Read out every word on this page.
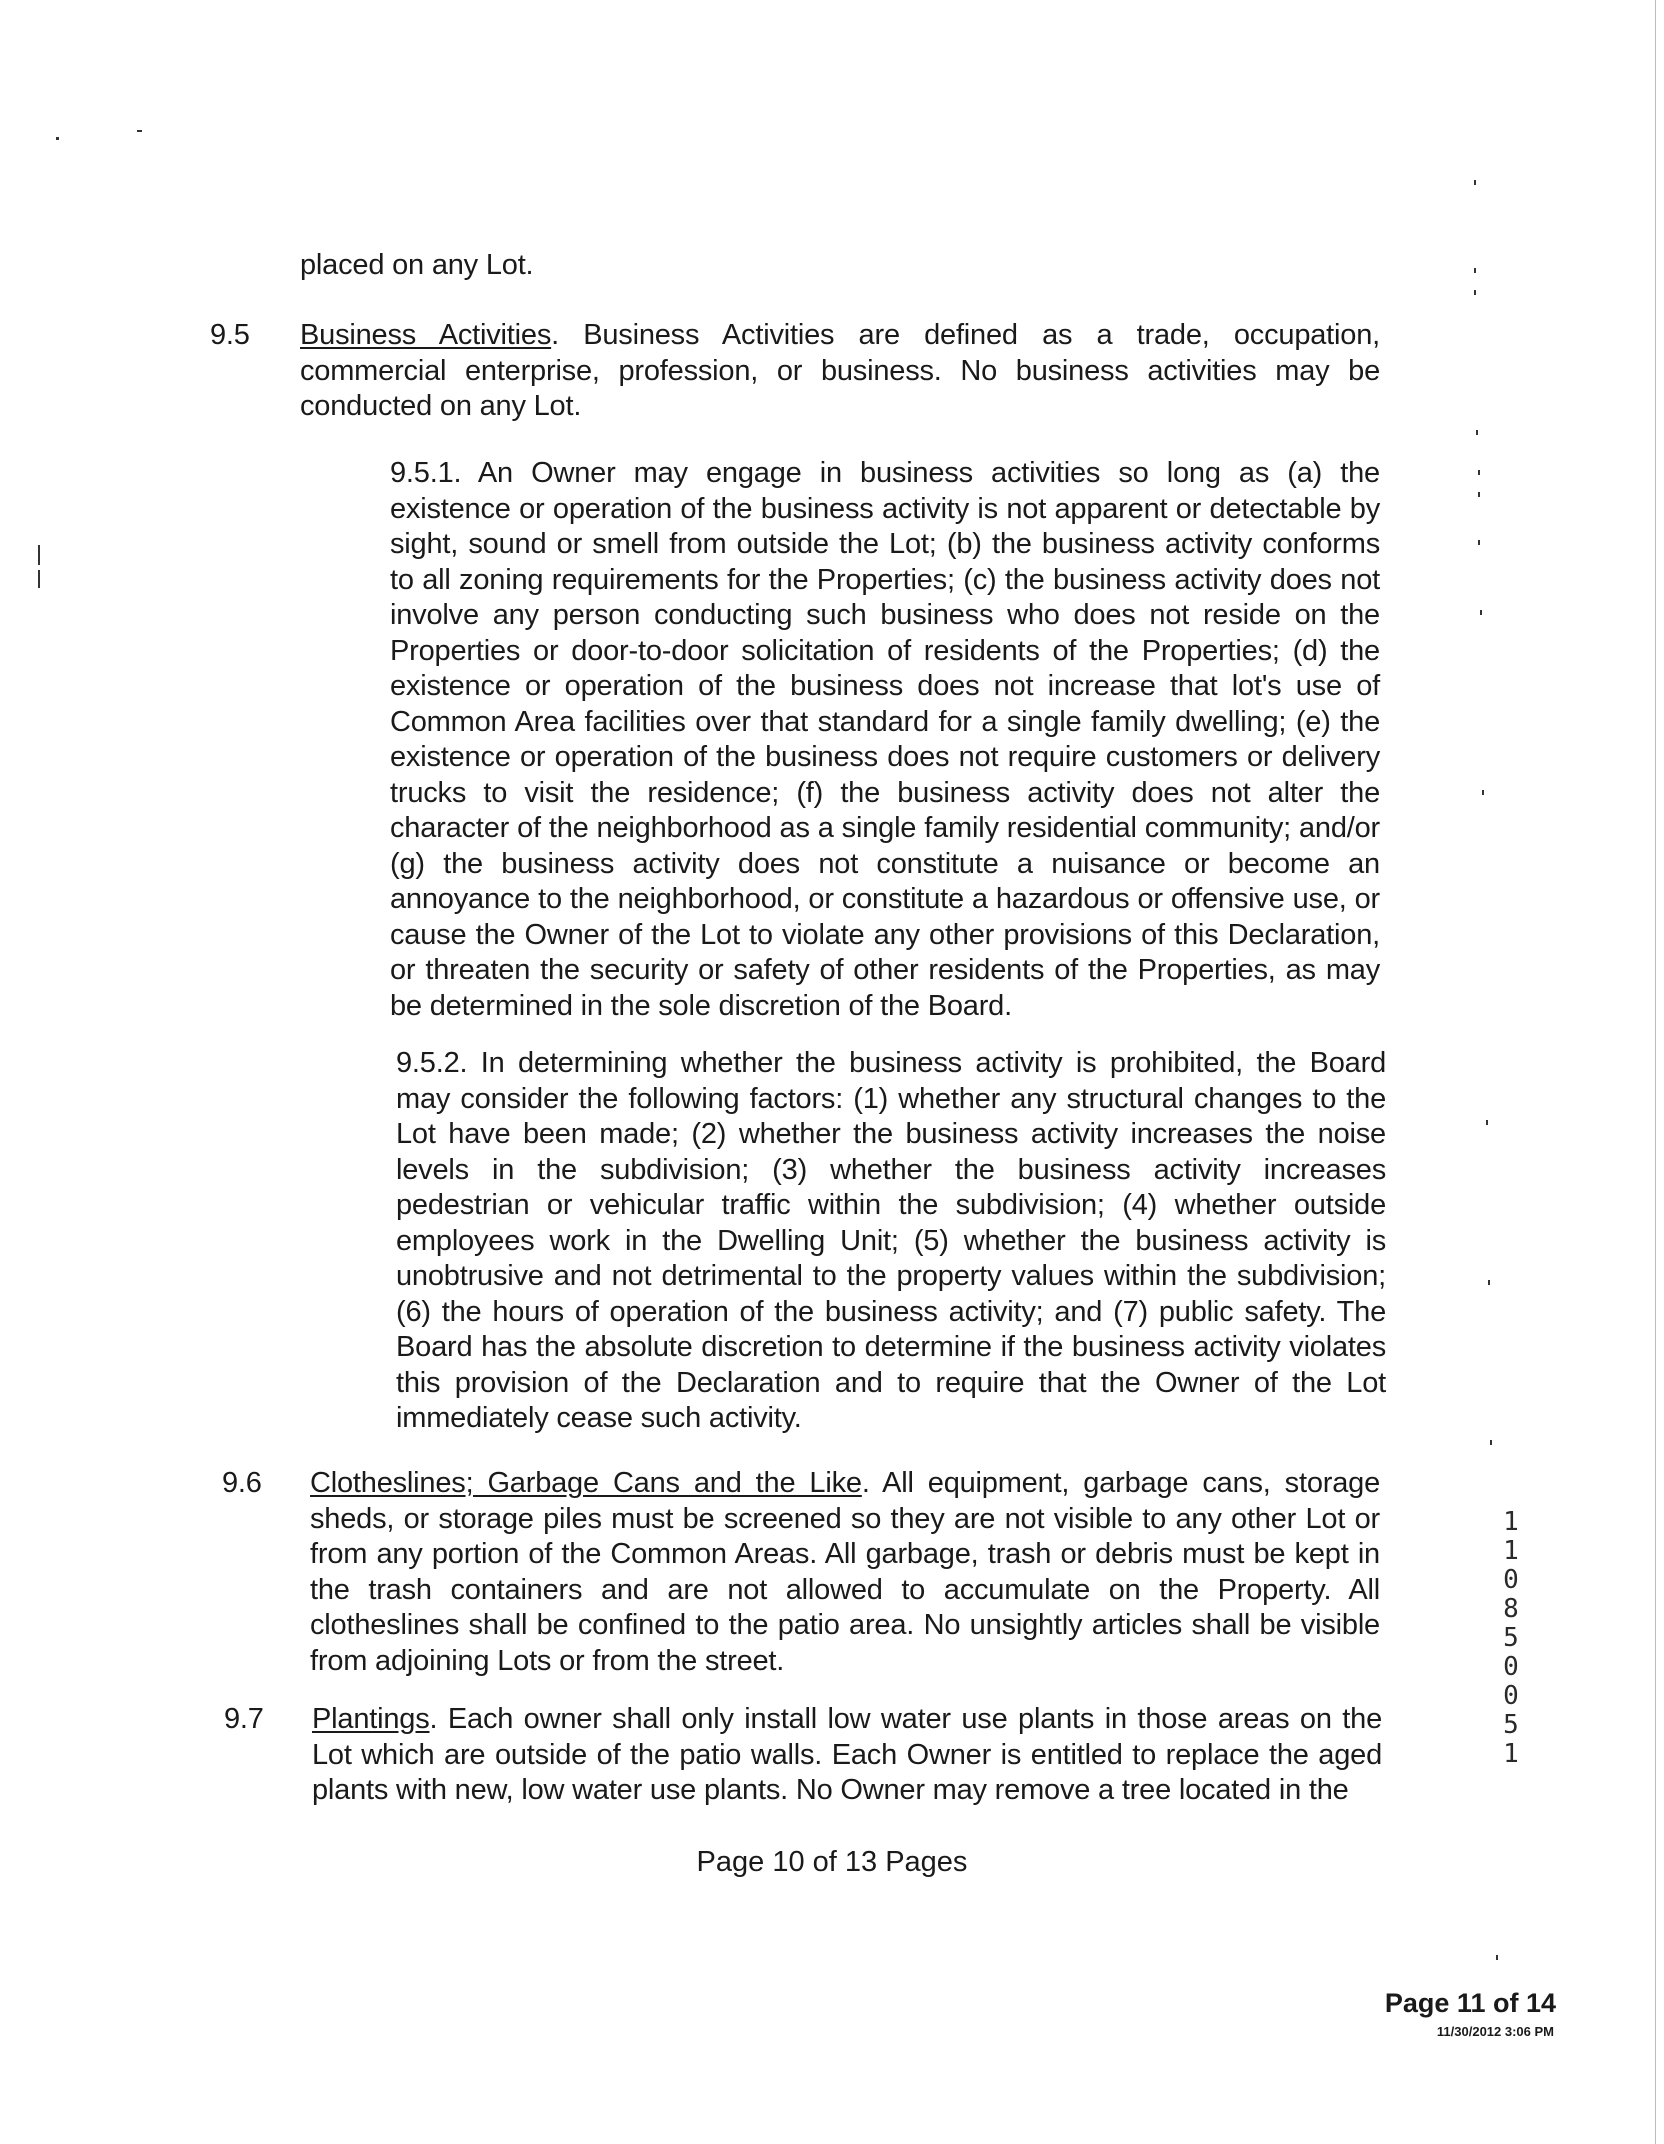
placed on any Lot.
9.5	Business Activities. Business Activities are defined as a trade, occupation, commercial enterprise, profession, or business. No business activities may be conducted on any Lot.
9.5.1. An Owner may engage in business activities so long as (a) the existence or operation of the business activity is not apparent or detectable by sight, sound or smell from outside the Lot; (b) the business activity conforms to all zoning requirements for the Properties; (c) the business activity does not involve any person conducting such business who does not reside on the Properties or door-to-door solicitation of residents of the Properties; (d) the existence or operation of the business does not increase that lot's use of Common Area facilities over that standard for a single family dwelling; (e) the existence or operation of the business does not require customers or delivery trucks to visit the residence; (f) the business activity does not alter the character of the neighborhood as a single family residential community; and/or (g) the business activity does not constitute a nuisance or become an annoyance to the neighborhood, or constitute a hazardous or offensive use, or cause the Owner of the Lot to violate any other provisions of this Declaration, or threaten the security or safety of other residents of the Properties, as may be determined in the sole discretion of the Board.
9.5.2. In determining whether the business activity is prohibited, the Board may consider the following factors: (1) whether any structural changes to the Lot have been made; (2) whether the business activity increases the noise levels in the subdivision; (3) whether the business activity increases pedestrian or vehicular traffic within the subdivision; (4) whether outside employees work in the Dwelling Unit; (5) whether the business activity is unobtrusive and not detrimental to the property values within the subdivision; (6) the hours of operation of the business activity; and (7) public safety. The Board has the absolute discretion to determine if the business activity violates this provision of the Declaration and to require that the Owner of the Lot immediately cease such activity.
9.6	Clotheslines; Garbage Cans and the Like. All equipment, garbage cans, storage sheds, or storage piles must be screened so they are not visible to any other Lot or from any portion of the Common Areas. All garbage, trash or debris must be kept in the trash containers and are not allowed to accumulate on the Property. All clotheslines shall be confined to the patio area. No unsightly articles shall be visible from adjoining Lots or from the street.
9.7	Plantings. Each owner shall only install low water use plants in those areas on the Lot which are outside of the patio walls. Each Owner is entitled to replace the aged plants with new, low water use plants. No Owner may remove a tree located in the
Page 10 of 13 Pages
1108 50051
Page 11 of 14
11/30/2012 3:06 PM
